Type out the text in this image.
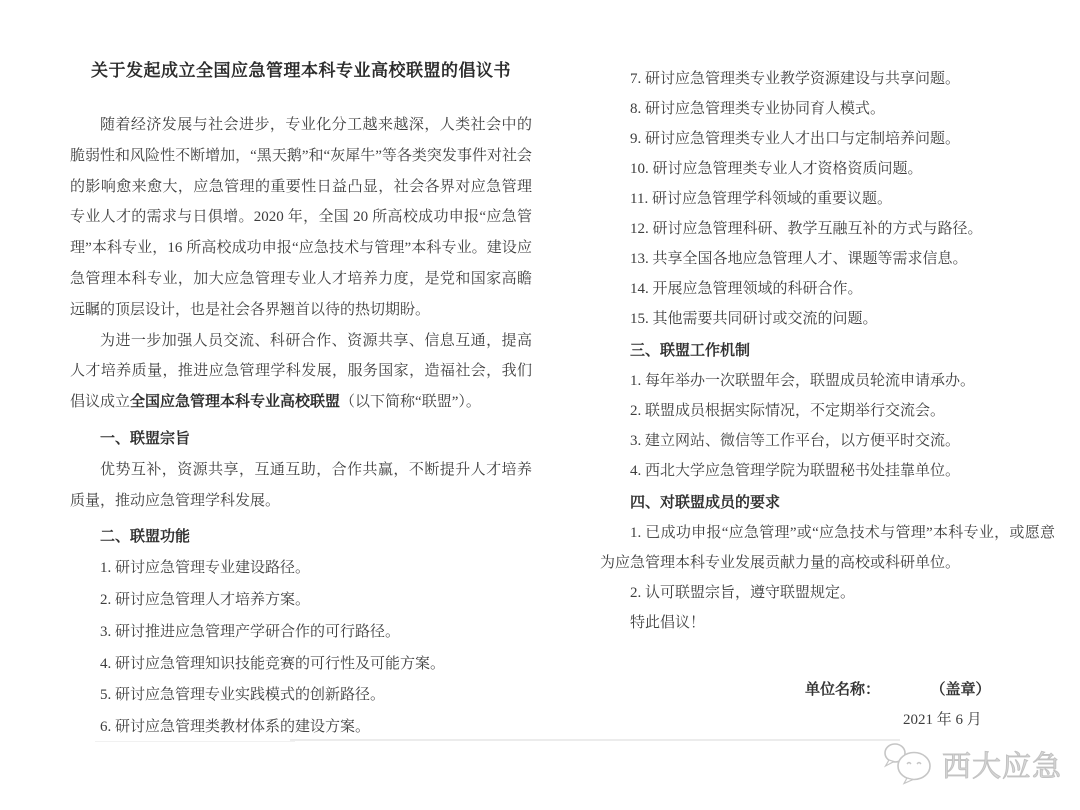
关于发起成立全国应急管理本科专业高校联盟的倡议书

随着经济发展与社会进步，专业化分工越来越深，人类社会中的脆弱性和风险性不断增加，“黑天鹅”和“灰犀牛”等各类突发事件对社会的影响愈来愈大，应急管理的重要性日益凸显，社会各界对应急管理专业人才的需求与日俱增。2020 年，全国 20 所高校成功申报“应急管理”本科专业，16 所高校成功申报“应急技术与管理”本科专业。建设应急管理本科专业，加大应急管理专业人才培养力度，是党和国家高瞻远瞩的顶层设计，也是社会各界翘首以待的热切期盼。

为进一步加强人员交流、科研合作、资源共享、信息互通，提高人才培养质量，推进应急管理学科发展，服务国家，造福社会，我们倡议成立全国应急管理本科专业高校联盟（以下简称“联盟”）。

一、联盟宗旨

优势互补，资源共享，互通互助，合作共赢，不断提升人才培养质量，推动应急管理学科发展。

二、联盟功能

1. 研讨应急管理专业建设路径。

2. 研讨应急管理人才培养方案。

3. 研讨推进应急管理产学研合作的可行路径。

4. 研讨应急管理知识技能竞赛的可行性及可能方案。

5. 研讨应急管理专业实践模式的创新路径。

6. 研讨应急管理类教材体系的建设方案。

7. 研讨应急管理类专业教学资源建设与共享问题。

8. 研讨应急管理类专业协同育人模式。

9. 研讨应急管理类专业人才出口与定制培养问题。

10. 研讨应急管理类专业人才资格资质问题。

11. 研讨应急管理学科领域的重要议题。

12. 研讨应急管理科研、教学互融互补的方式与路径。

13. 共享全国各地应急管理人才、课题等需求信息。

14. 开展应急管理领域的科研合作。

15. 其他需要共同研讨或交流的问题。

三、联盟工作机制

1. 每年举办一次联盟年会，联盟成员轮流申请承办。

2. 联盟成员根据实际情况，不定期举行交流会。

3. 建立网站、微信等工作平台，以方便平时交流。

4. 西北大学应急管理学院为联盟秘书处挂靠单位。

四、对联盟成员的要求

1. 已成功申报“应急管理”或“应急技术与管理”本科专业，或愿意为应急管理本科专业发展贡献力量的高校或科研单位。

2. 认可联盟宗旨，遵守联盟规定。

特此倡议！

单位名称：	（盖章）

2021 年 6 月

西大应急
